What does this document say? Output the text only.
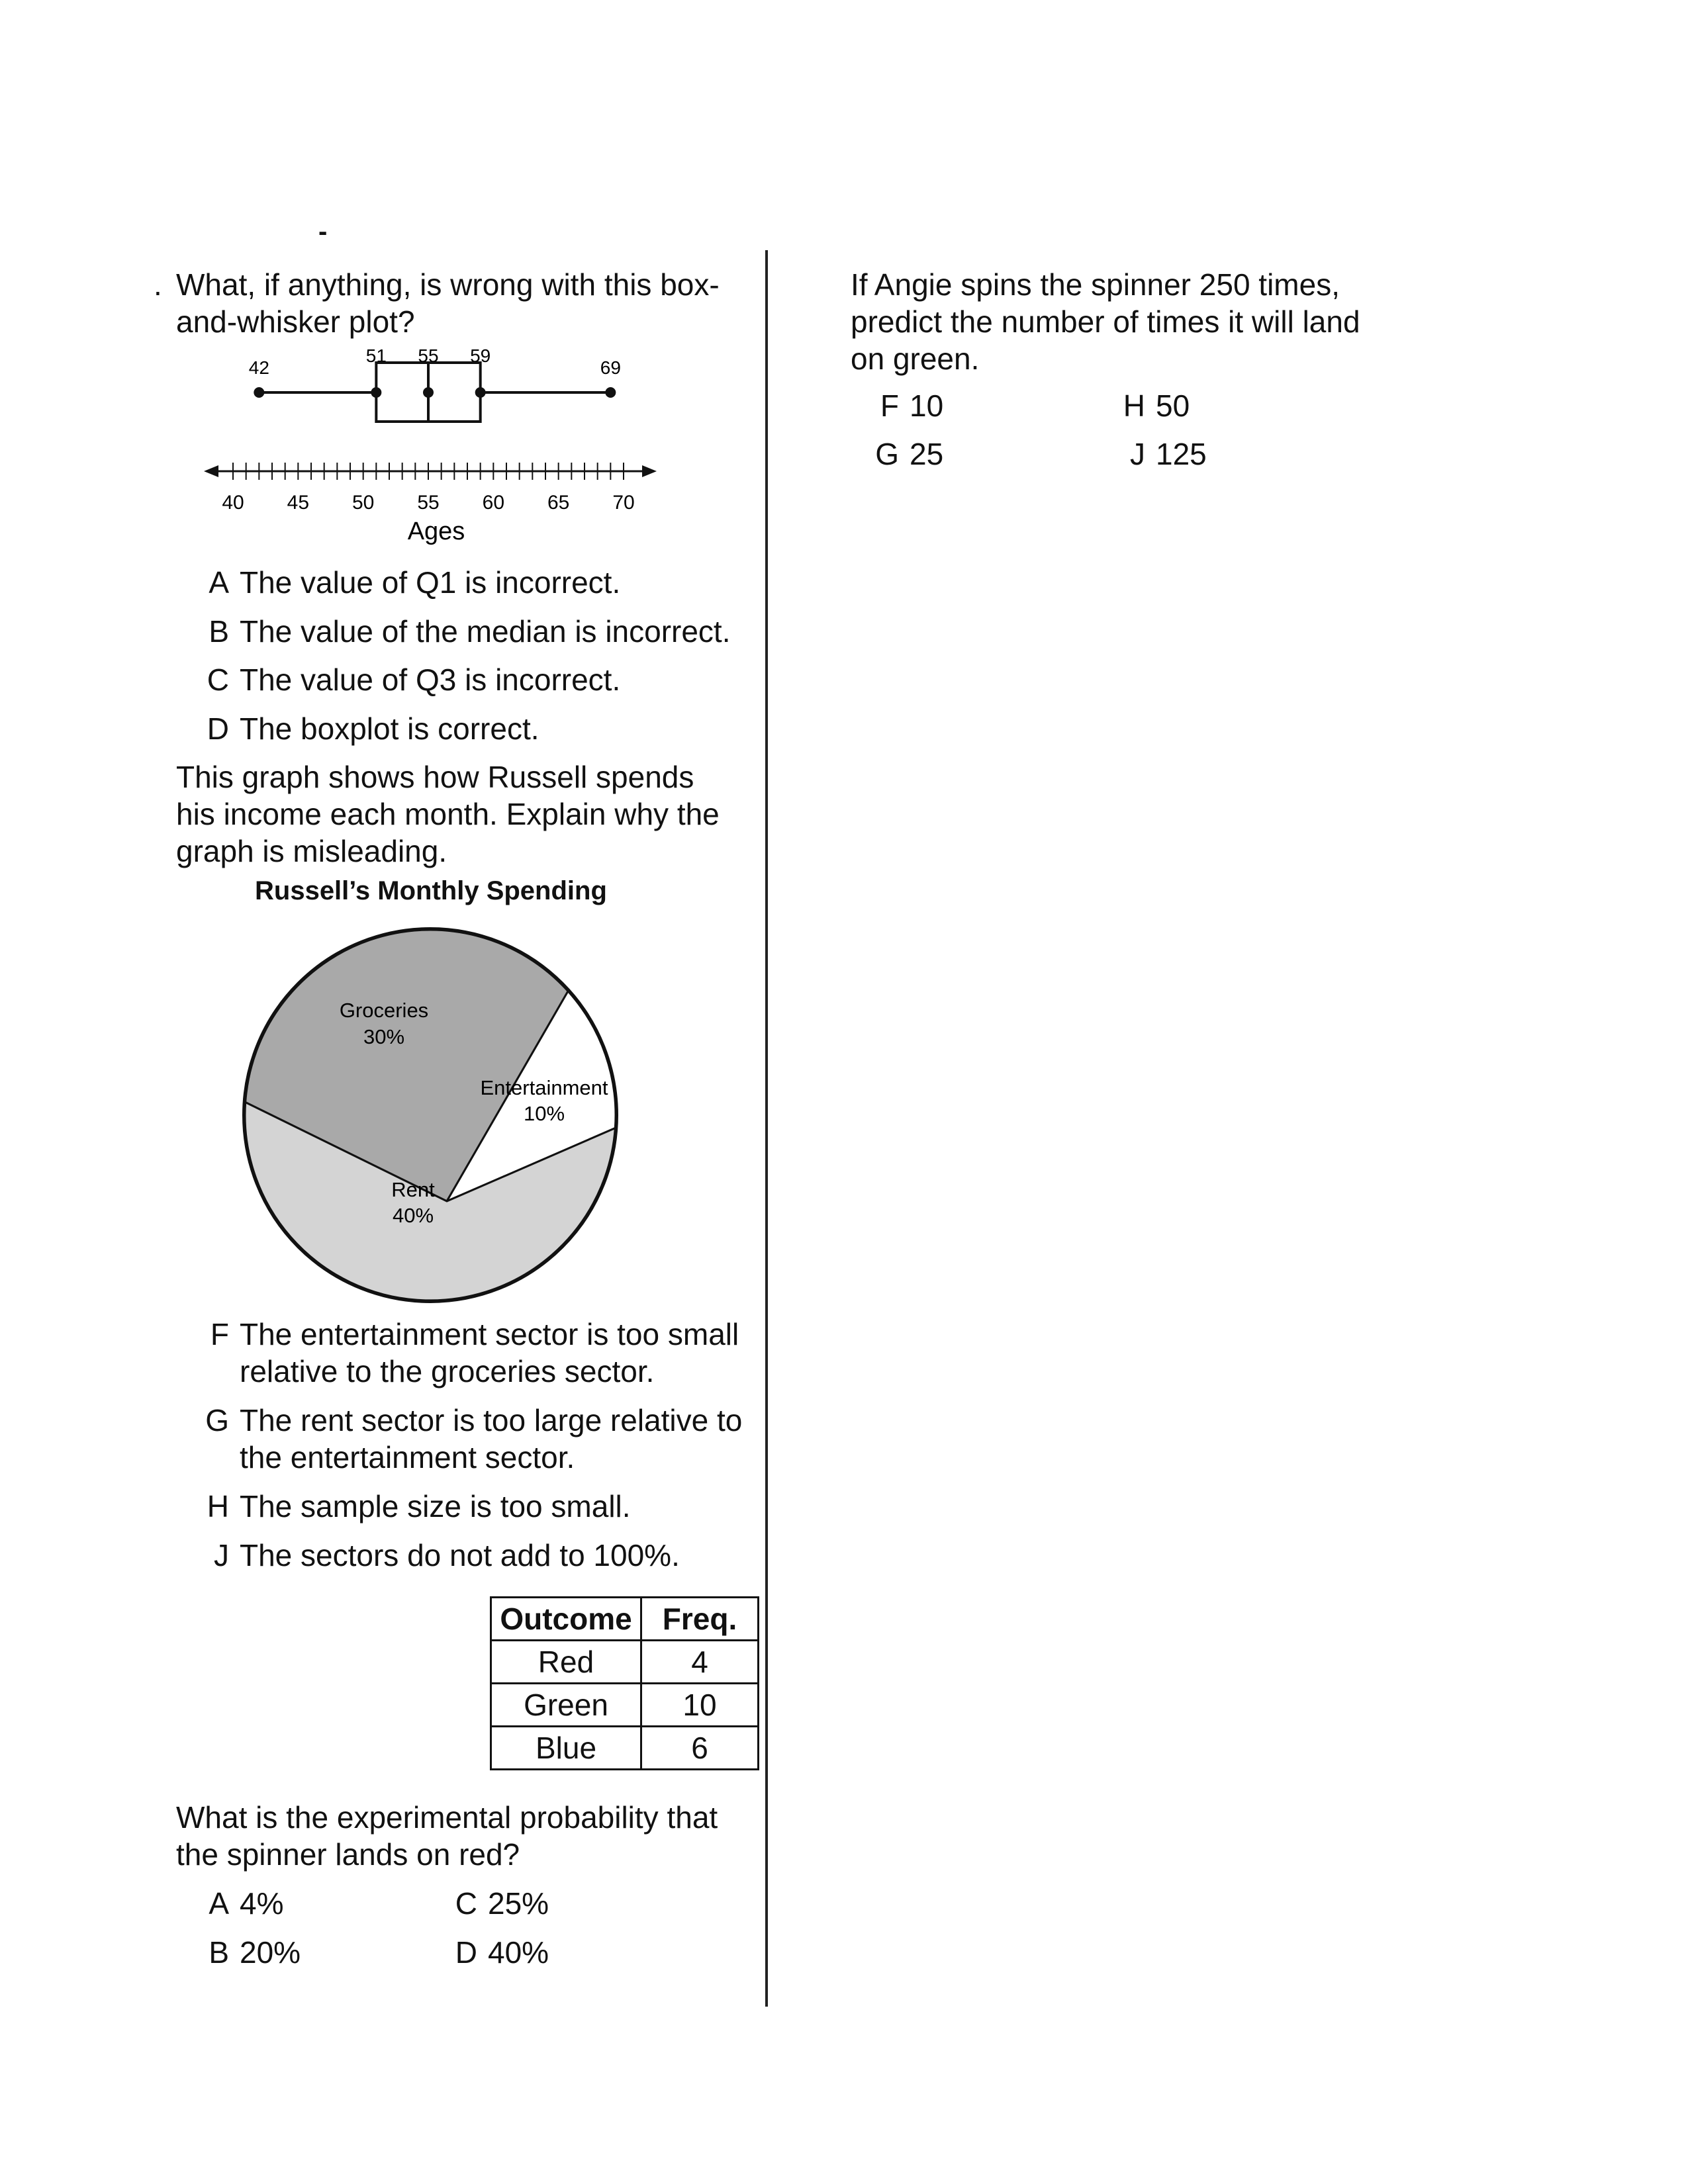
-
. What, if anything, is wrong with this box-
and-whisker plot?
42
51 55 59
69
40 45 50 55 60 65 70
Ages
A The value of Q1 is incorrect.
B The value of the median is incorrect.
C The value of Q3 is incorrect.
D The boxplot is correct.
This graph shows how Russell spends
his income each month. Explain why the
graph is misleading.
Russell’s Monthly Spending
Groceries
30%
Entertainment
10%
Rent
40%
F The entertainment sector is too small
relative to the groceries sector.
G The rent sector is too large relative to
the entertainment sector.
H The sample size is too small.
J The sectors do not add to 100%.
Outcome	Freq.
Red	4
Green	10
Blue	6
What is the experimental probability that
the spinner lands on red?
A 4%
B 20%
C 25%
D 40%
If Angie spins the spinner 250 times,
predict the number of times it will land
on green.
F 10
G 25
H 50
J 125
